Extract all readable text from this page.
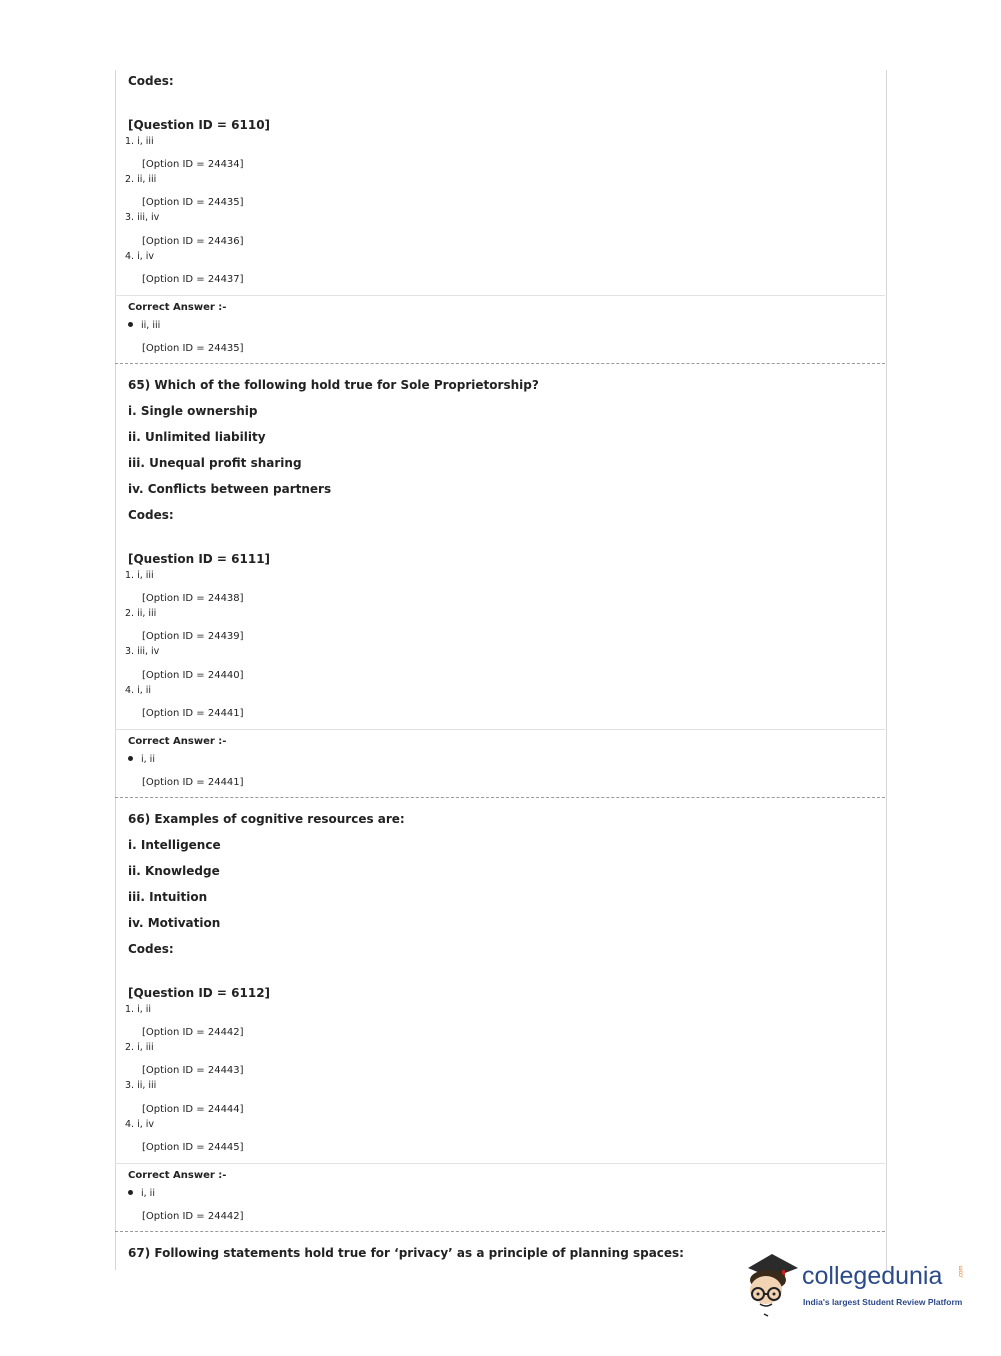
Codes:
[Question ID = 6110]
1. i, iii
[Option ID = 24434]
2. ii, iii
[Option ID = 24435]
3. iii, iv
[Option ID = 24436]
4. i, iv
[Option ID = 24437]
Correct Answer :-
ii, iii
[Option ID = 24435]
65) Which of the following hold true for Sole Proprietorship?
i. Single ownership
ii. Unlimited liability
iii. Unequal profit sharing
iv. Conflicts between partners
Codes:
[Question ID = 6111]
1. i, iii
[Option ID = 24438]
2. ii, iii
[Option ID = 24439]
3. iii, iv
[Option ID = 24440]
4. i, ii
[Option ID = 24441]
Correct Answer :-
i, ii
[Option ID = 24441]
66) Examples of cognitive resources are:
i. Intelligence
ii. Knowledge
iii. Intuition
iv. Motivation
Codes:
[Question ID = 6112]
1. i, ii
[Option ID = 24442]
2. i, iii
[Option ID = 24443]
3. ii, iii
[Option ID = 24444]
4. i, iv
[Option ID = 24445]
Correct Answer :-
i, ii
[Option ID = 24442]
67) Following statements hold true for ‘privacy’ as a principle of planning spaces:
collegedunia	.com
India's largest Student Review Platform
